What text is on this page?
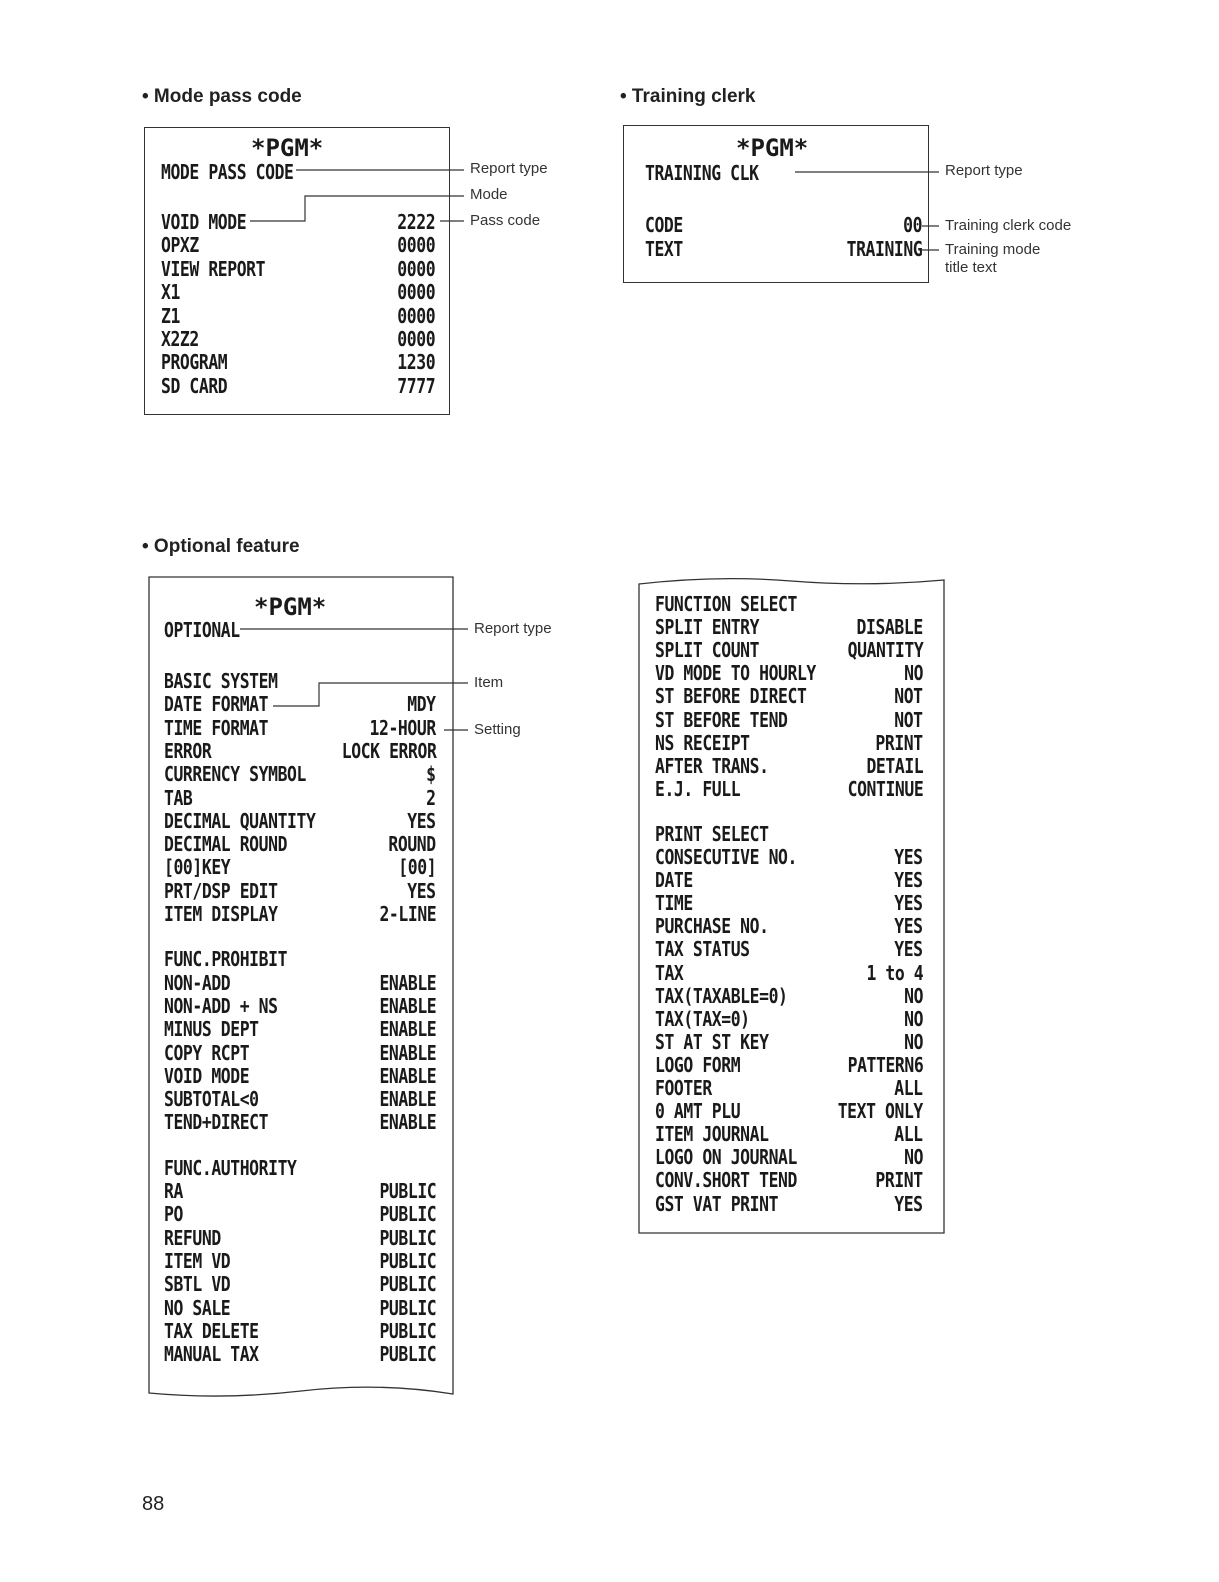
• Mode pass code
*PGM*
MODE PASS CODE
VOID MODE	2222
OPXZ	0000
VIEW REPORT	0000
X1	0000
Z1	0000
X2Z2	0000
PROGRAM	1230
SD CARD	7777
• Training clerk
*PGM*
TRAINING CLK
CODE	00
TEXT	TRAINING
• Optional feature
*PGM*
OPTIONAL
BASIC SYSTEM
DATE FORMAT	MDY
TIME FORMAT	12-HOUR
ERROR	LOCK ERROR
CURRENCY SYMBOL	$
TAB	2
DECIMAL QUANTITY	YES
DECIMAL ROUND	ROUND
[00]KEY	[00]
PRT/DSP EDIT	YES
ITEM DISPLAY	2-LINE
FUNC.PROHIBIT
NON-ADD	ENABLE
NON-ADD + NS	ENABLE
MINUS DEPT	ENABLE
COPY RCPT	ENABLE
VOID MODE	ENABLE
SUBTOTAL<0	ENABLE
TEND+DIRECT	ENABLE
FUNC.AUTHORITY
RA	PUBLIC
PO	PUBLIC
REFUND	PUBLIC
ITEM VD	PUBLIC
SBTL VD	PUBLIC
NO SALE	PUBLIC
TAX DELETE	PUBLIC
MANUAL TAX	PUBLIC
FUNCTION SELECT
SPLIT ENTRY	DISABLE
SPLIT COUNT	QUANTITY
VD MODE TO HOURLY	NO
ST BEFORE DIRECT	NOT
ST BEFORE TEND	NOT
NS RECEIPT	PRINT
AFTER TRANS.	DETAIL
E.J. FULL	CONTINUE
PRINT SELECT
CONSECUTIVE NO.	YES
DATE	YES
TIME	YES
PURCHASE NO.	YES
TAX STATUS	YES
TAX	1 to 4
TAX(TAXABLE=0)	NO
TAX(TAX=0)	NO
ST AT ST KEY	NO
LOGO FORM	PATTERN6
FOOTER	ALL
0 AMT PLU	TEXT ONLY
ITEM JOURNAL	ALL
LOGO ON JOURNAL	NO
CONV.SHORT TEND	PRINT
GST VAT PRINT	YES
Report type
Mode
Pass code
Report type
Training clerk code
Training mode
title text
Report type
Item
Setting
88
